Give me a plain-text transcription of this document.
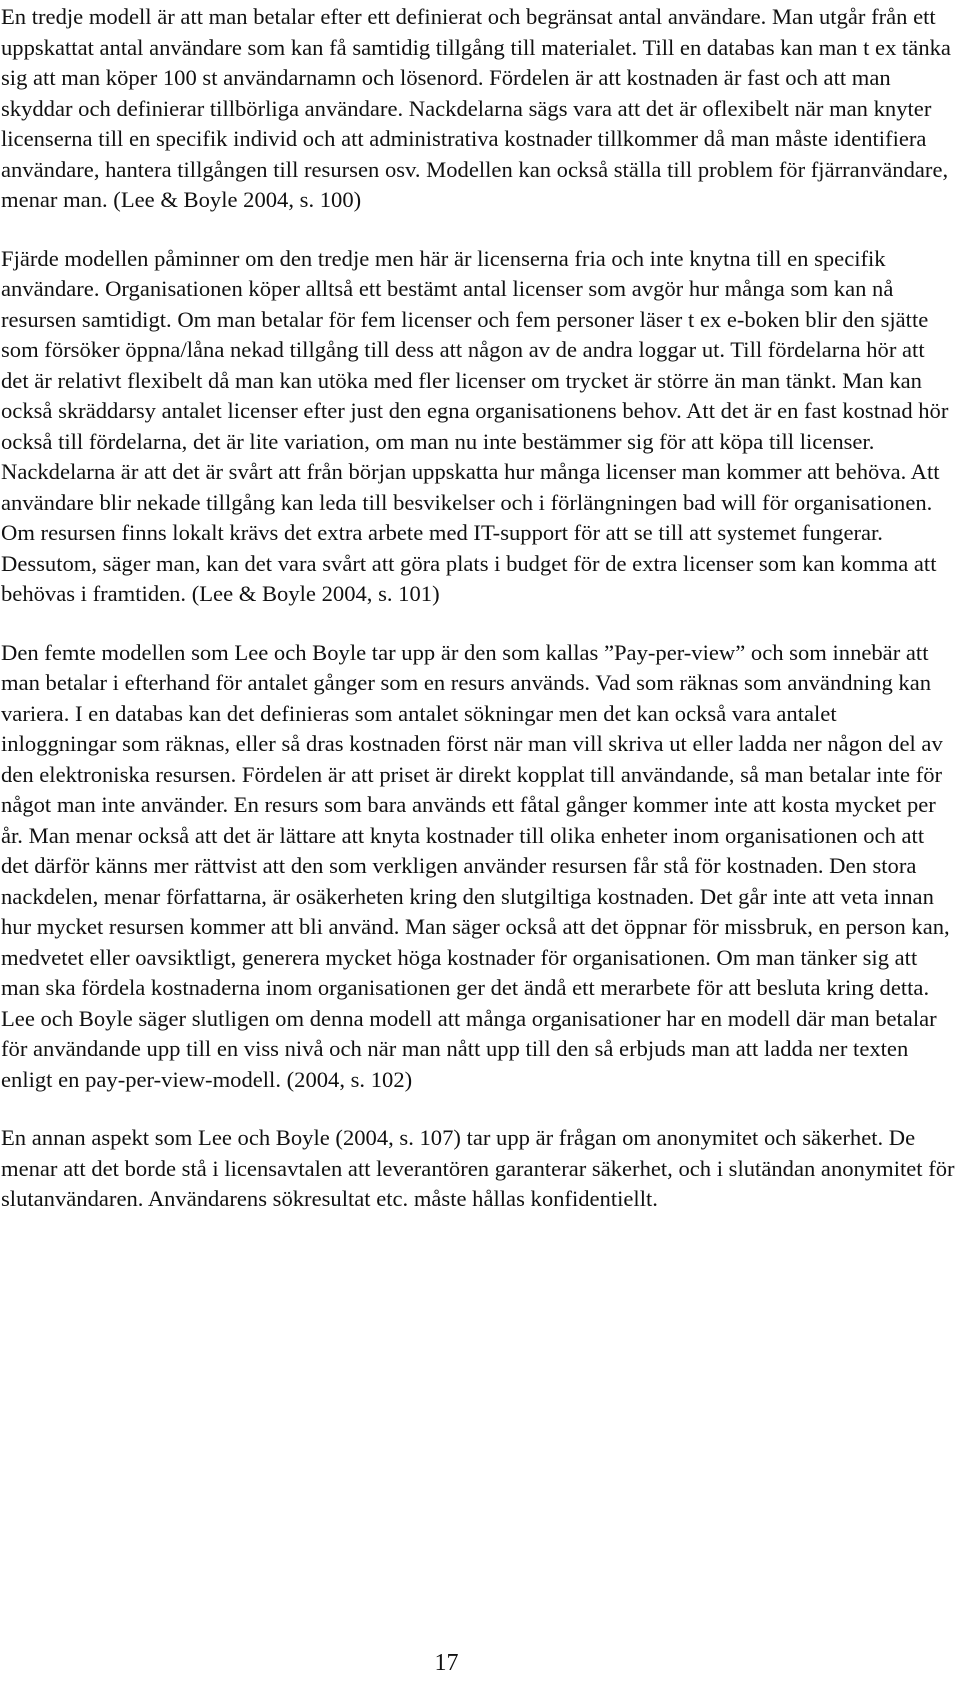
En tredje modell är att man betalar efter ett definierat och begränsat antal användare. Man utgår från ett uppskattat antal användare som kan få samtidig tillgång till materialet. Till en databas kan man t ex tänka sig att man köper 100 st användarnamn och lösenord. Fördelen är att kostnaden är fast och att man skyddar och definierar tillbörliga användare. Nackdelarna sägs vara att det är oflexibelt när man knyter licenserna till en specifik individ och att administrativa kostnader tillkommer då man måste identifiera användare, hantera tillgången till resursen osv. Modellen kan också ställa till problem för fjärranvändare, menar man. (Lee & Boyle 2004, s. 100)

Fjärde modellen påminner om den tredje men här är licenserna fria och inte knytna till en specifik användare. Organisationen köper alltså ett bestämt antal licenser som avgör hur många som kan nå resursen samtidigt. Om man betalar för fem licenser och fem personer läser t ex e-boken blir den sjätte som försöker öppna/låna nekad tillgång till dess att någon av de andra loggar ut. Till fördelarna hör att det är relativt flexibelt då man kan utöka med fler licenser om trycket är större än man tänkt. Man kan också skräddarsy antalet licenser efter just den egna organisationens behov. Att det är en fast kostnad hör också till fördelarna, det är lite variation, om man nu inte bestämmer sig för att köpa till licenser. Nackdelarna är att det är svårt att från början uppskatta hur många licenser man kommer att behöva. Att användare blir nekade tillgång kan leda till besvikelser och i förlängningen bad will för organisationen. Om resursen finns lokalt krävs det extra arbete med IT-support för att se till att systemet fungerar. Dessutom, säger man, kan det vara svårt att göra plats i budget för de extra licenser som kan komma att behövas i framtiden. (Lee & Boyle 2004, s. 101)

Den femte modellen som Lee och Boyle tar upp är den som kallas ”Pay-per-view” och som innebär att man betalar i efterhand för antalet gånger som en resurs används. Vad som räknas som användning kan variera. I en databas kan det definieras som antalet sökningar men det kan också vara antalet inloggningar som räknas, eller så dras kostnaden först när man vill skriva ut eller ladda ner någon del av den elektroniska resursen. Fördelen är att priset är direkt kopplat till användande, så man betalar inte för något man inte använder. En resurs som bara används ett fåtal gånger kommer inte att kosta mycket per år. Man menar också att det är lättare att knyta kostnader till olika enheter inom organisationen och att det därför känns mer rättvist att den som verkligen använder resursen får stå för kostnaden. Den stora nackdelen, menar författarna, är osäkerheten kring den slutgiltiga kostnaden. Det går inte att veta innan hur mycket resursen kommer att bli använd. Man säger också att det öppnar för missbruk, en person kan, medvetet eller oavsiktligt, generera mycket höga kostnader för organisationen. Om man tänker sig att man ska fördela kostnaderna inom organisationen ger det ändå ett merarbete för att besluta kring detta. Lee och Boyle säger slutligen om denna modell att många organisationer har en modell där man betalar för användande upp till en viss nivå och när man nått upp till den så erbjuds man att ladda ner texten enligt en pay-per-view-modell. (2004, s. 102)

En annan aspekt som Lee och Boyle (2004, s. 107) tar upp är frågan om anonymitet och säkerhet. De menar att det borde stå i licensavtalen att leverantören garanterar säkerhet, och i slutändan anonymitet för slutanvändaren. Användarens sökresultat etc. måste hållas konfidentiellt.

17
